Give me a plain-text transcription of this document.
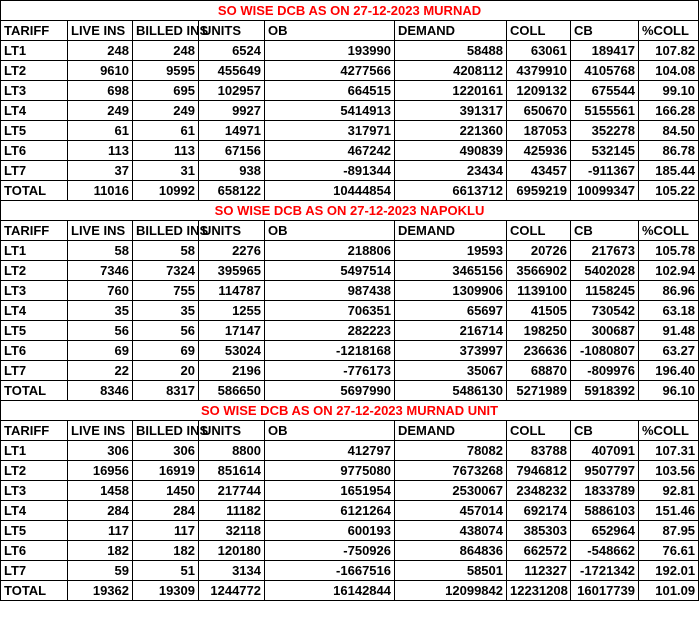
SO WISE DCB AS ON 27-12-2023 MURNAD								
TARIFF	LIVE INS	BILLED INS	UNITS	OB	DEMAND	COLL	CB	%COLL
LT1	248	248	6524	193990	58488	63061	189417	107.82
LT2	9610	9595	455649	4277566	4208112	4379910	4105768	104.08
LT3	698	695	102957	664515	1220161	1209132	675544	99.10
LT4	249	249	9927	5414913	391317	650670	5155561	166.28
LT5	61	61	14971	317971	221360	187053	352278	84.50
LT6	113	113	67156	467242	490839	425936	532145	86.78
LT7	37	31	938	-891344	23434	43457	-911367	185.44
TOTAL	11016	10992	658122	10444854	6613712	6959219	10099347	105.22
SO WISE DCB AS ON 27-12-2023 NAPOKLU								
TARIFF	LIVE INS	BILLED INS	UNITS	OB	DEMAND	COLL	CB	%COLL
LT1	58	58	2276	218806	19593	20726	217673	105.78
LT2	7346	7324	395965	5497514	3465156	3566902	5402028	102.94
LT3	760	755	114787	987438	1309906	1139100	1158245	86.96
LT4	35	35	1255	706351	65697	41505	730542	63.18
LT5	56	56	17147	282223	216714	198250	300687	91.48
LT6	69	69	53024	-1218168	373997	236636	-1080807	63.27
LT7	22	20	2196	-776173	35067	68870	-809976	196.40
TOTAL	8346	8317	586650	5697990	5486130	5271989	5918392	96.10
SO WISE DCB AS ON 27-12-2023 MURNAD UNIT								
TARIFF	LIVE INS	BILLED INS	UNITS	OB	DEMAND	COLL	CB	%COLL
LT1	306	306	8800	412797	78082	83788	407091	107.31
LT2	16956	16919	851614	9775080	7673268	7946812	9507797	103.56
LT3	1458	1450	217744	1651954	2530067	2348232	1833789	92.81
LT4	284	284	11182	6121264	457014	692174	5886103	151.46
LT5	117	117	32118	600193	438074	385303	652964	87.95
LT6	182	182	120180	-750926	864836	662572	-548662	76.61
LT7	59	51	3134	-1667516	58501	112327	-1721342	192.01
TOTAL	19362	19309	1244772	16142844	12099842	12231208	16017739	101.09
